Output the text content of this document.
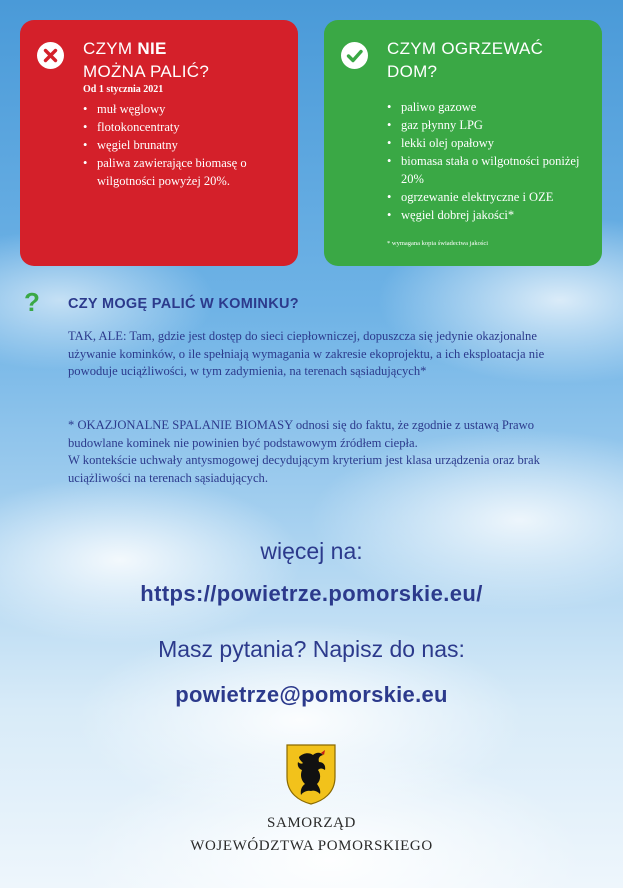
CZYM NIE
MOŻNA PALIĆ?
Od 1 stycznia 2021
• muł węglowy
• flotokoncentraty
• węgiel brunatny
• paliwa zawierające biomasę o wilgotności powyżej 20%.
CZYM OGRZEWAĆ
DOM?
• paliwo gazowe
• gaz płynny LPG
• lekki olej opałowy
• biomasa stała o wilgotności poniżej 20%
• ogrzewanie elektryczne i OZE
• węgiel dobrej jakości*
* wymagana kopia świadectwa jakości
? CZY MOGĘ PALIĆ W KOMINKU?

TAK, ALE: Tam, gdzie jest dostęp do sieci ciepłowniczej, dopuszcza się jedynie okazjonalne używanie kominków, o ile spełniają wymagania w zakresie ekoprojektu, a ich eksploatacja nie powoduje uciążliwości, w tym zadymienia, na terenach sąsiadujących*

* OKAZJONALNE SPALANIE BIOMASY odnosi się do faktu, że zgodnie z ustawą Prawo budowlane kominek nie powinien być podstawowym źródłem ciepła.
W kontekście uchwały antysmogowej decydującym kryterium jest klasa urządzenia oraz brak uciążliwości na terenach sąsiadujących.
więcej na:
https://powietrze.pomorskie.eu/
Masz pytania? Napisz do nas:
powietrze@pomorskie.eu
SAMORZĄD
WOJEWÓDZTWA POMORSKIEGO
